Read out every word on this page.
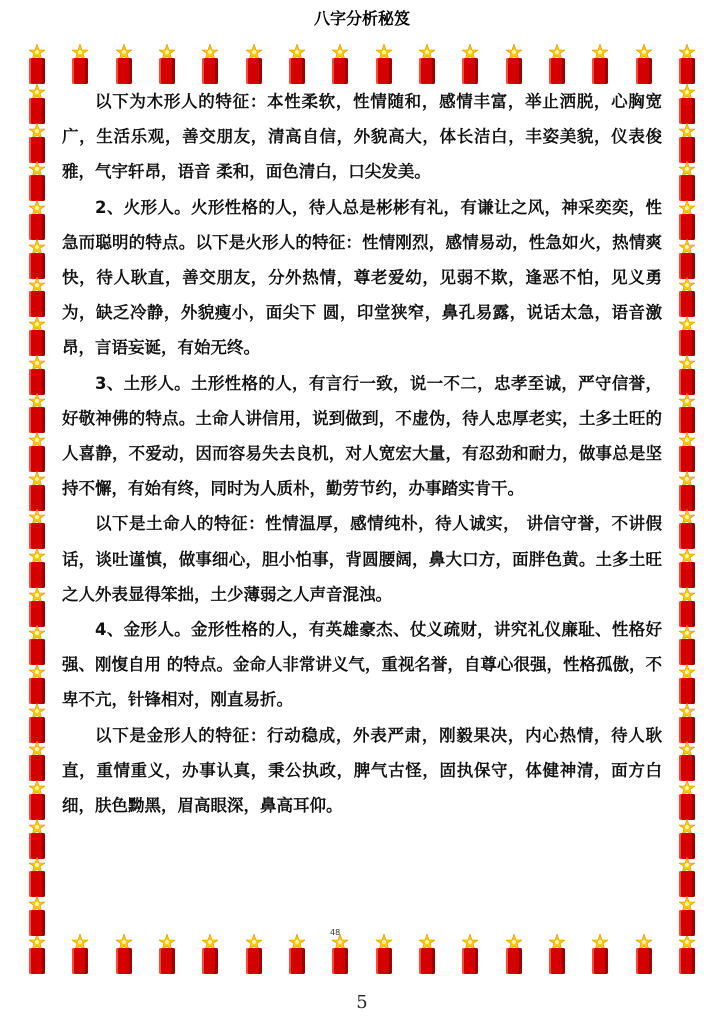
八字分析秘笈

以下为木形人的特征：本性柔软，性情随和，感情丰富，举止洒脱，心胸宽广，生活乐观，善交朋友，清高自信，外貌高大，体长洁白，丰姿美貌，仪表俊雅，气宇轩昂，语音 柔和，面色清白，口尖发美。

2、火形人。火形性格的人，待人总是彬彬有礼，有谦让之风，神采奕奕，性急而聪明的特点。以下是火形人的特征：性情刚烈，感情易动，性急如火，热情爽快，待人耿直，善交朋友，分外热情，尊老爱幼，见弱不欺，逢恶不怕，见义勇为，缺乏冷静，外貌瘦小，面尖下 圆，印堂狭窄，鼻孔易露，说话太急，语音激昂，言语妄诞，有始无终。

3、土形人。土形性格的人，有言行一致，说一不二，忠孝至诚，严守信誉，好敬神佛的特点。土命人讲信用，说到做到，不虚伪，待人忠厚老实，土多土旺的人喜静，不爱动，因而容易失去良机，对人宽宏大量，有忍劲和耐力，做事总是坚持不懈，有始有终，同时为人质朴，勤劳节约，办事踏实肯干。

以下是土命人的特征：性情温厚，感情纯朴，待人诚实， 讲信守誉，不讲假话，谈吐谨慎，做事细心，胆小怕事，背圆腰阔，鼻大口方，面胖色黄。土多土旺之人外表显得笨拙，土少薄弱之人声音混浊。

4、金形人。金形性格的人，有英雄豪杰、仗义疏财，讲究礼仪廉耻、性格好强、刚愎自用 的特点。金命人非常讲义气，重视名誉，自尊心很强，性格孤傲，不卑不亢，针锋相对，刚直易折。

以下是金形人的特征：行动稳成，外表严肃，刚毅果决，内心热情，待人耿直，重情重义，办事认真，秉公执政，脾气古怪，固执保守，体健神清，面方白细，肤色黝黑，眉高眼深，鼻高耳仰。

48
5
